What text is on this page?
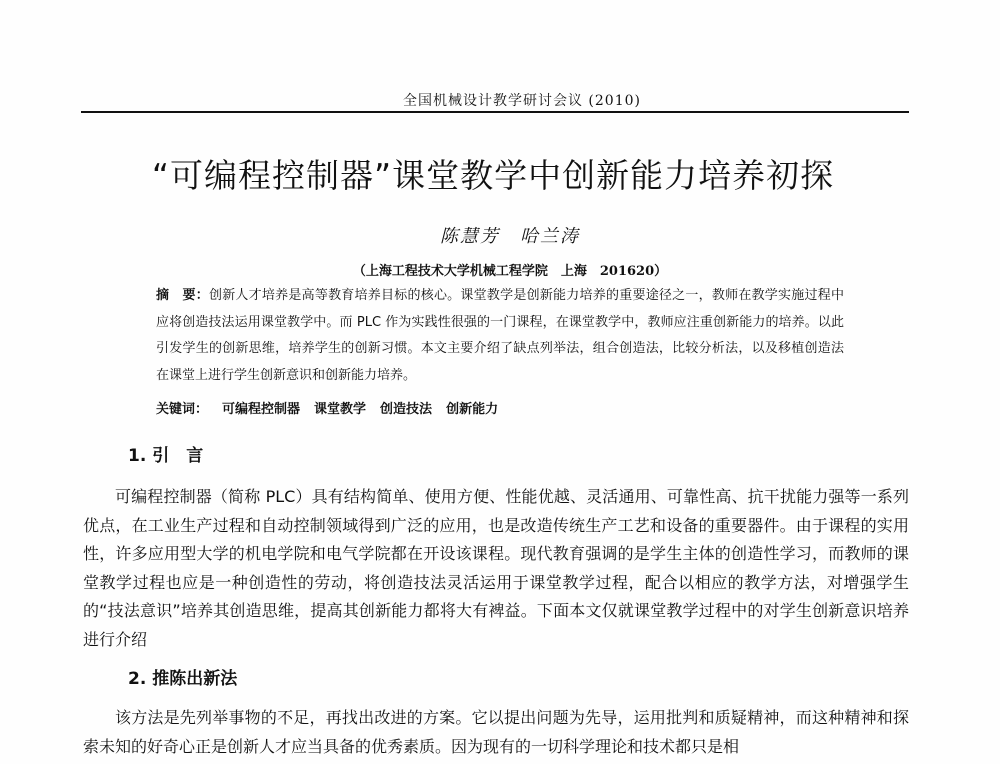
全国机械设计教学研讨会议 (2010)
“可编程控制器”课堂教学中创新能力培养初探
陈慧芳　哈兰涛
（上海工程技术大学机械工程学院　上海　201620）
摘　要：创新人才培养是高等教育培养目标的核心。课堂教学是创新能力培养的重要途径之一，教师在教学实施过程中应将创造技法运用课堂教学中。而 PLC 作为实践性很强的一门课程，在课堂教学中，教师应注重创新能力的培养。以此引发学生的创新思维，培养学生的创新习惯。本文主要介绍了缺点列举法，组合创造法，比较分析法，以及移植创造法在课堂上进行学生创新意识和创新能力培养。
关键词： 可编程控制器 课堂教学 创造技法 创新能力
1. 引　言
可编程控制器（简称 PLC）具有结构简单、使用方便、性能优越、灵活通用、可靠性高、抗干扰能力强等一系列优点，在工业生产过程和自动控制领域得到广泛的应用，也是改造传统生产工艺和设备的重要器件。由于课程的实用性，许多应用型大学的机电学院和电气学院都在开设该课程。现代教育强调的是学生主体的创造性学习，而教师的课堂教学过程也应是一种创造性的劳动，将创造技法灵活运用于课堂教学过程，配合以相应的教学方法，对增强学生的“技法意识”培养其创造思维，提高其创新能力都将大有裨益。下面本文仅就课堂教学过程中的对学生创新意识培养进行介绍
2. 推陈出新法
该方法是先列举事物的不足，再找出改进的方案。它以提出问题为先导，运用批判和质疑精神，而这种精神和探索未知的好奇心正是创新人才应当具备的优秀素质。因为现有的一切科学理论和技术都只是相
